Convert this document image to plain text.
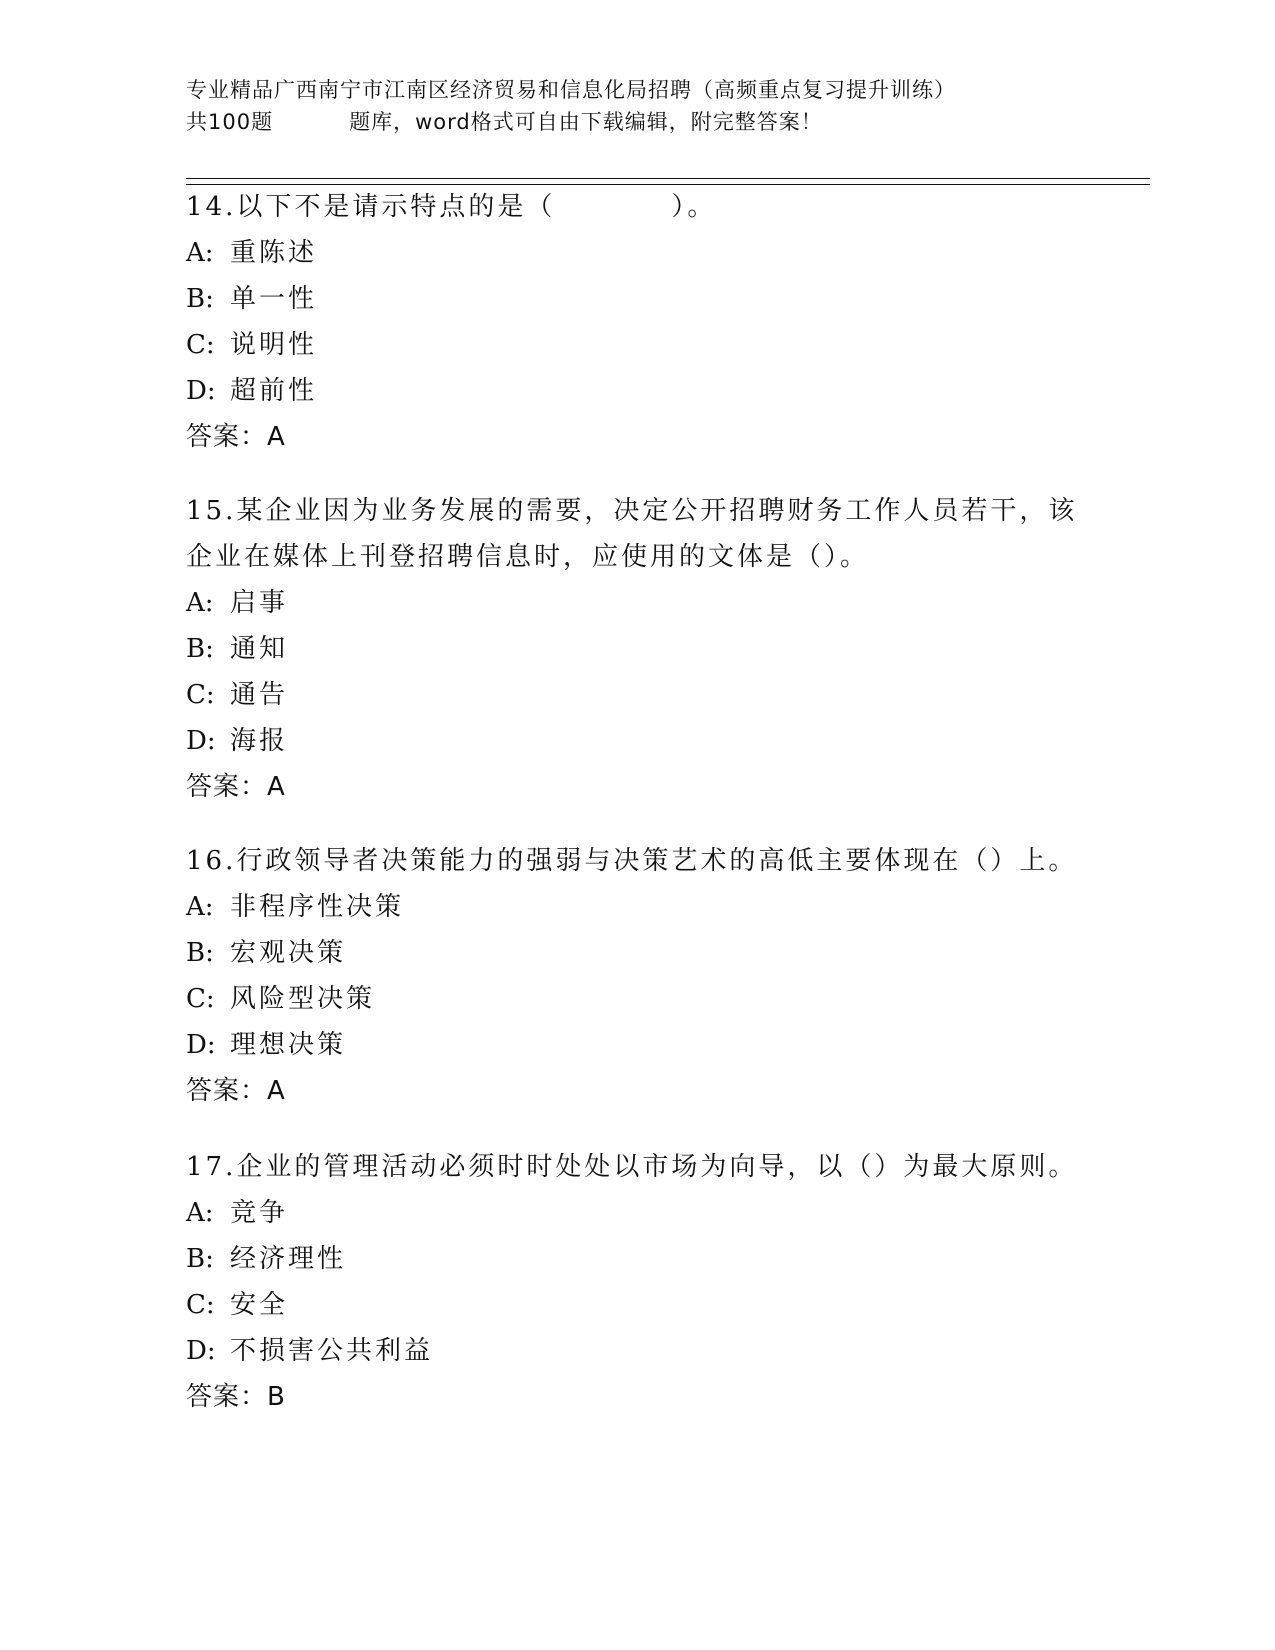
专业精品广西南宁市江南区经济贸易和信息化局招聘（高频重点复习提升训练）
共100题	题库，word格式可自由下载编辑，附完整答案！

14.以下不是请示特点的是（　　　　）。

A: 重陈述
B: 单一性
C: 说明性
D: 超前性
答案：A

15.某企业因为业务发展的需要，决定公开招聘财务工作人员若干，该

企业在媒体上刊登招聘信息时，应使用的文体是（）。

A: 启事
B: 通知
C: 通告
D: 海报
答案：A

16.行政领导者决策能力的强弱与决策艺术的高低主要体现在（）上。

A: 非程序性决策
B: 宏观决策
C: 风险型决策
D: 理想决策
答案：A

17.企业的管理活动必须时时处处以市场为向导，以（）为最大原则。

A: 竞争
B: 经济理性
C: 安全
D: 不损害公共利益
答案：B
